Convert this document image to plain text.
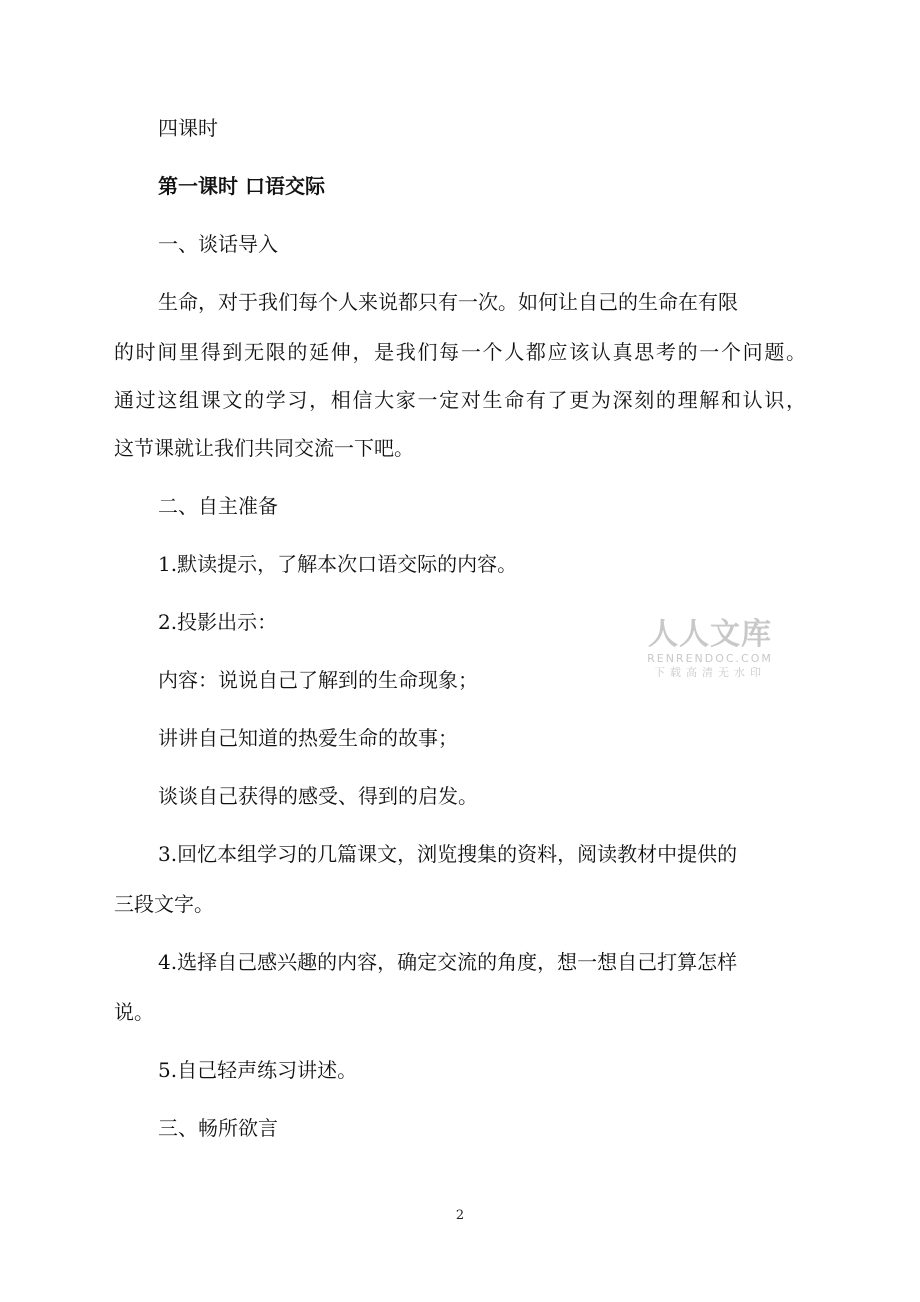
四课时
第一课时 口语交际
一、谈话导入
生命，对于我们每个人来说都只有一次。如何让自己的生命在有限
的时间里得到无限的延伸，是我们每一个人都应该认真思考的一个问题。
通过这组课文的学习，相信大家一定对生命有了更为深刻的理解和认识，
这节课就让我们共同交流一下吧。
二、自主准备
1.默读提示，了解本次口语交际的内容。
2.投影出示：
内容：说说自己了解到的生命现象；
讲讲自己知道的热爱生命的故事；
谈谈自己获得的感受、得到的启发。
3.回忆本组学习的几篇课文，浏览搜集的资料，阅读教材中提供的
三段文字。
4.选择自己感兴趣的内容，确定交流的角度，想一想自己打算怎样
说。
5.自己轻声练习讲述。
三、畅所欲言
人人文库
RENRENDOC.COM
下载高清无水印
2
